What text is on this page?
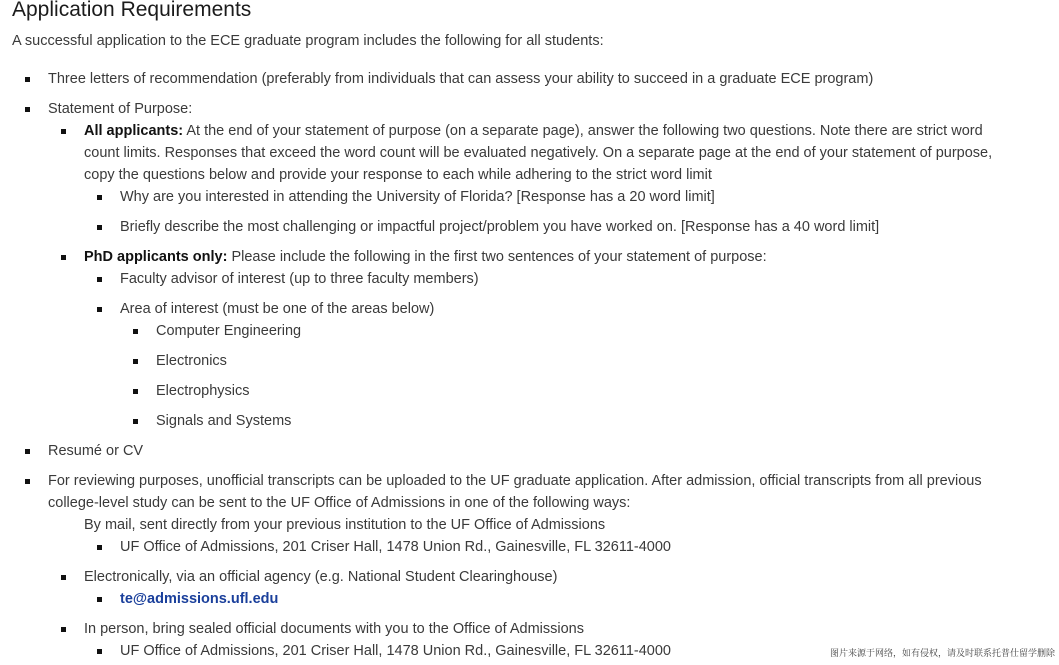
Application Requirements
A successful application to the ECE graduate program includes the following for all students:
Three letters of recommendation (preferably from individuals that can assess your ability to succeed in a graduate ECE program)
Statement of Purpose:
All applicants: At the end of your statement of purpose (on a separate page), answer the following two questions. Note there are strict word
count limits. Responses that exceed the word count will be evaluated negatively. On a separate page at the end of your statement of purpose,
copy the questions below and provide your response to each while adhering to the strict word limit
Why are you interested in attending the University of Florida? [Response has a 20 word limit]
Briefly describe the most challenging or impactful project/problem you have worked on. [Response has a 40 word limit]
PhD applicants only: Please include the following in the first two sentences of your statement of purpose:
Faculty advisor of interest (up to three faculty members)
Area of interest (must be one of the areas below)
Computer Engineering
Electronics
Electrophysics
Signals and Systems
Resumé or CV
For reviewing purposes, unofficial transcripts can be uploaded to the UF graduate application. After admission, official transcripts from all previous
college-level study can be sent to the UF Office of Admissions in one of the following ways:
By mail, sent directly from your previous institution to the UF Office of Admissions
UF Office of Admissions, 201 Criser Hall, 1478 Union Rd., Gainesville, FL 32611-4000
Electronically, via an official agency (e.g. National Student Clearinghouse)
te@admissions.ufl.edu
In person, bring sealed official documents with you to the Office of Admissions
UF Office of Admissions, 201 Criser Hall, 1478 Union Rd., Gainesville, FL 32611-4000	图片来源于网络，如有侵权，请及时联系托普仕留学删除
